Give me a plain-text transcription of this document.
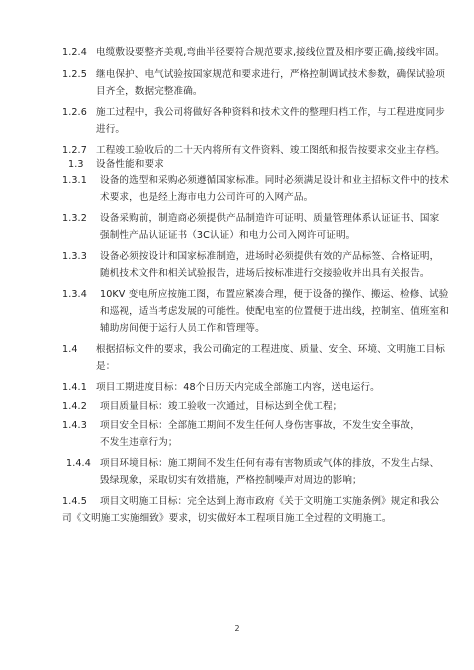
1.2.4 电缆敷设要整齐美观,弯曲半径要符合规范要求,接线位置及相序要正确,接线牢固。
1.2.5 继电保护、电气试验按国家规范和要求进行，严格控制调试技术参数，确保试验项
目齐全，数据完整准确。
1.2.6 施工过程中，我公司将做好各种资料和技术文件的整理归档工作，与工程进度同步
进行。
1.2.7 工程竣工验收后的二十天内将所有文件资料、竣工图纸和报告按要求交业主存档。
1.3 设备性能和要求
1.3.1 设备的选型和采购必须遵循国家标准。同时必须满足设计和业主招标文件中的技术
术要求，也是经上海市电力公司许可的入网产品。
1.3.2 设备采购前，制造商必须提供产品制造许可证明、质量管理体系认证证书、国家
强制性产品认证证书（3C认证）和电力公司入网许可证明。
1.3.3 设备必须按设计和国家标准制造，进场时必须提供有效的产品标签、合格证明，
随机技术文件和相关试验报告，进场后按标准进行交接验收并出具有关报告。
1.3.4 10KV 变电所应按施工图，布置应紧凑合理，便于设备的操作、搬运、检修、试验
和巡视，适当考虑发展的可能性。使配电室的位置便于进出线，控制室、值班室和
辅助房间便于运行人员工作和管理等。
1.4 根据招标文件的要求，我公司确定的工程进度、质量、安全、环境、文明施工目标
是：
1.4.1 项目工期进度目标：48个日历天内完成全部施工内容，送电运行。
1.4.2 项目质量目标：竣工验收一次通过，目标达到全优工程；
1.4.3 项目安全目标：全部施工期间不发生任何人身伤害事故，不发生安全事故，
不发生违章行为；
1.4.4 项目环境目标：施工期间不发生任何有毒有害物质或气体的排放，不发生占绿、
毁绿现象，采取切实有效措施，严格控制噪声对周边的影响；
1.4.5 项目文明施工目标：完全达到上海市政府《关于文明施工实施条例》规定和我公
司《文明施工实施细致》要求，切实做好本工程项目施工全过程的文明施工。
2
